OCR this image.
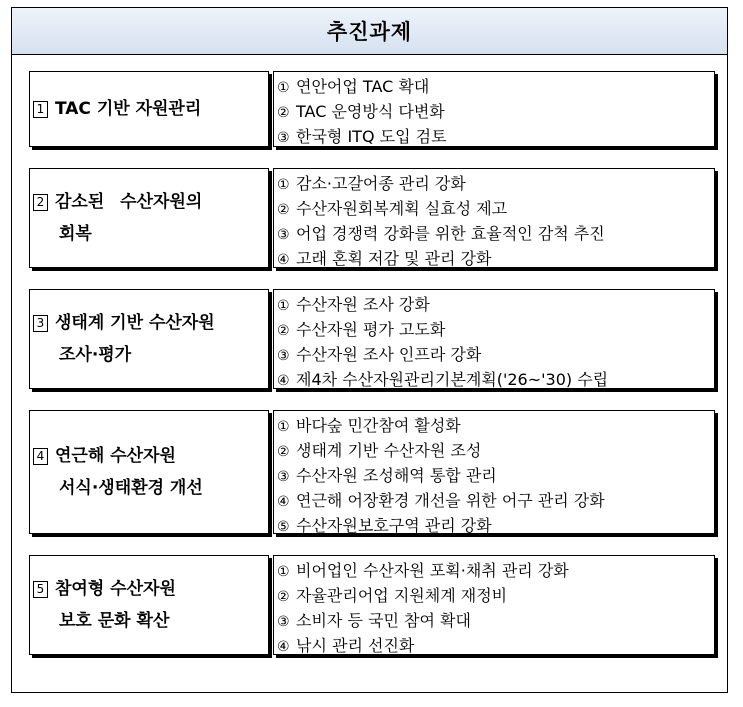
추진과제
1 TAC 기반 자원관리
① 연안어업 TAC 확대
② TAC 운영방식 다변화
③ 한국형 ITQ 도입 검토
2 감소된 수산자원의
회복
① 감소·고갈어종 관리 강화
② 수산자원회복계획 실효성 제고
③ 어업 경쟁력 강화를 위한 효율적인 감척 추진
④ 고래 혼획 저감 및 관리 강화
3 생태계 기반 수산자원
조사·평가
① 수산자원 조사 강화
② 수산자원 평가 고도화
③ 수산자원 조사 인프라 강화
④ 제4차 수산자원관리기본계획('26~'30) 수립
4 연근해 수산자원
서식·생태환경 개선
① 바다숲 민간참여 활성화
② 생태계 기반 수산자원 조성
③ 수산자원 조성해역 통합 관리
④ 연근해 어장환경 개선을 위한 어구 관리 강화
⑤ 수산자원보호구역 관리 강화
5 참여형 수산자원
보호 문화 확산
① 비어업인 수산자원 포획·채취 관리 강화
② 자율관리어업 지원체계 재정비
③ 소비자 등 국민 참여 확대
④ 낚시 관리 선진화
